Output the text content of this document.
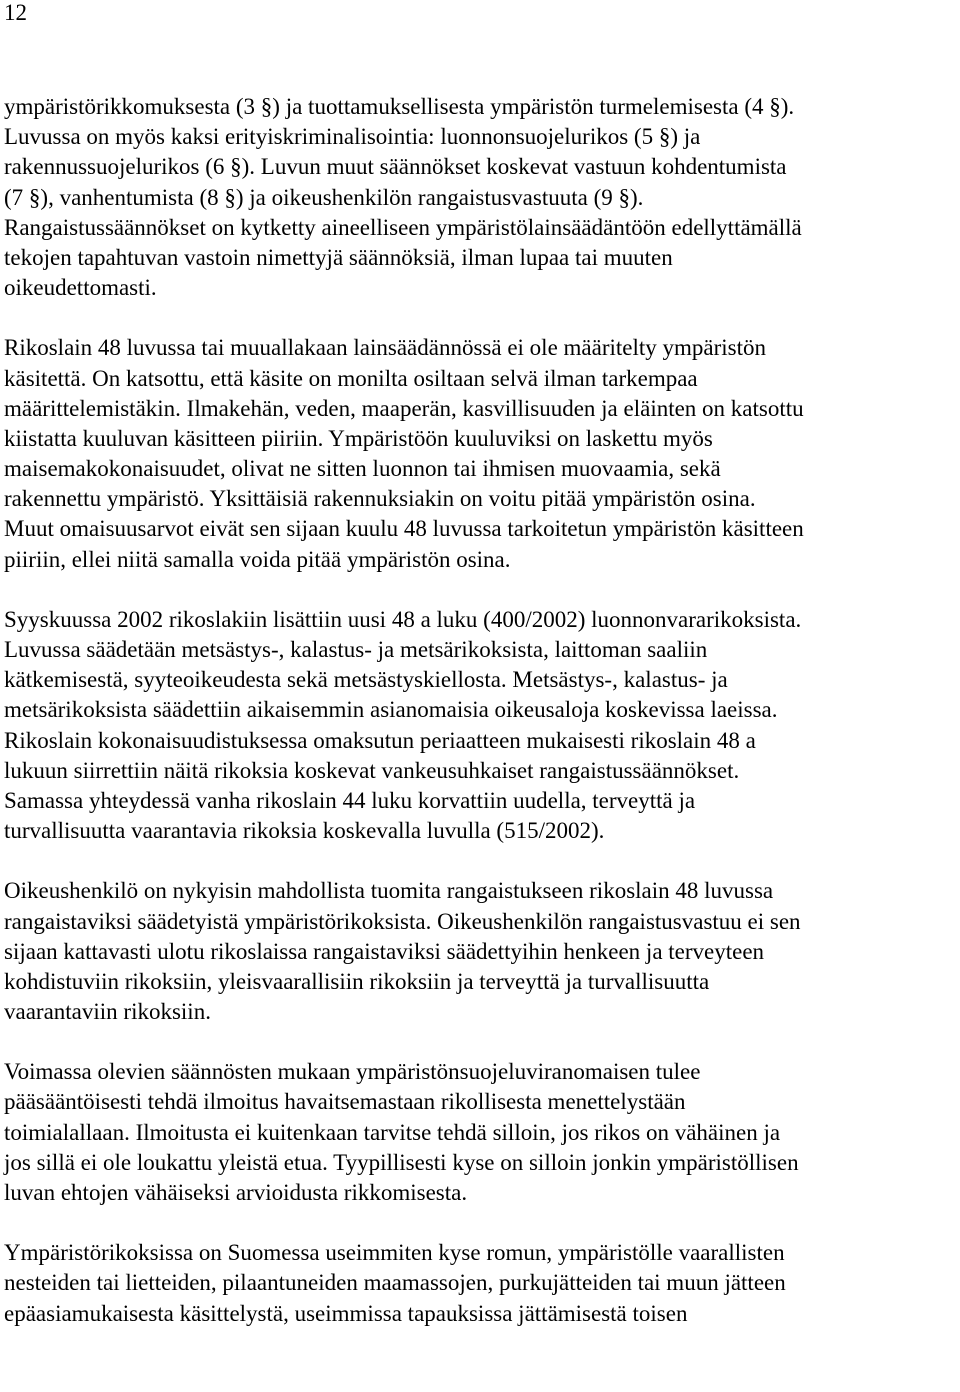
12
ympäristörikkomuksesta (3 §) ja tuottamuksellisesta ympäristön turmelemisesta (4 §).
Luvussa on myös kaksi erityiskriminalisointia: luonnonsuojelurikos (5 §) ja
rakennussuojelurikos (6 §). Luvun muut säännökset koskevat vastuun kohdentumista
(7 §), vanhentumista (8 §) ja oikeushenkilön rangaistusvastuuta (9 §).
Rangaistussäännökset on kytketty aineelliseen ympäristölainsäädäntöön edellyttämällä
tekojen tapahtuvan vastoin nimettyjä säännöksiä, ilman lupaa tai muuten
oikeudettomasti.
Rikoslain 48 luvussa tai muuallakaan lainsäädännössä ei ole määritelty ympäristön
käsitettä. On katsottu, että käsite on monilta osiltaan selvä ilman tarkempaa
määrittelemistäkin. Ilmakehän, veden, maaperän, kasvillisuuden ja eläinten on katsottu
kiistatta kuuluvan käsitteen piiriin. Ympäristöön kuuluviksi on laskettu myös
maisemakokonaisuudet, olivat ne sitten luonnon tai ihmisen muovaamia, sekä
rakennettu ympäristö. Yksittäisiä rakennuksiakin on voitu pitää ympäristön osina.
Muut omaisuusarvot eivät sen sijaan kuulu 48 luvussa tarkoitetun ympäristön käsitteen
piiriin, ellei niitä samalla voida pitää ympäristön osina.
Syyskuussa 2002 rikoslakiin lisättiin uusi 48 a luku (400/2002) luonnonvararikoksista.
Luvussa säädetään metsästys-, kalastus- ja metsärikoksista, laittoman saaliin
kätkemisestä, syyteoikeudesta sekä metsästyskiellosta. Metsästys-, kalastus- ja
metsärikoksista säädettiin aikaisemmin asianomaisia oikeusaloja koskevissa laeissa.
Rikoslain kokonaisuudistuksessa omaksutun periaatteen mukaisesti rikoslain 48 a
lukuun siirrettiin näitä rikoksia koskevat vankeusuhkaiset rangaistussäännökset.
Samassa yhteydessä vanha rikoslain 44 luku korvattiin uudella, terveyttä ja
turvallisuutta vaarantavia rikoksia koskevalla luvulla (515/2002).
Oikeushenkilö on nykyisin mahdollista tuomita rangaistukseen rikoslain 48 luvussa
rangaistaviksi säädetyistä ympäristörikoksista. Oikeushenkilön rangaistusvastuu ei sen
sijaan kattavasti ulotu rikoslaissa rangaistaviksi säädettyihin henkeen ja terveyteen
kohdistuviin rikoksiin, yleisvaarallisiin rikoksiin ja terveyttä ja turvallisuutta
vaarantaviin rikoksiin.
Voimassa olevien säännösten mukaan ympäristönsuojeluviranomaisen tulee
pääsääntöisesti tehdä ilmoitus havaitsemastaan rikollisesta menettelystään
toimialallaan. Ilmoitusta ei kuitenkaan tarvitse tehdä silloin, jos rikos on vähäinen ja
jos sillä ei ole loukattu yleistä etua. Tyypillisesti kyse on silloin jonkin ympäristöllisen
luvan ehtojen vähäiseksi arvioidusta rikkomisesta.
Ympäristörikoksissa on Suomessa useimmiten kyse romun, ympäristölle vaarallisten
nesteiden tai lietteiden, pilaantuneiden maamassojen, purkujätteiden tai muun jätteen
epäasiamukaisesta käsittelystä, useimmissa tapauksissa jättämisestä toisen
